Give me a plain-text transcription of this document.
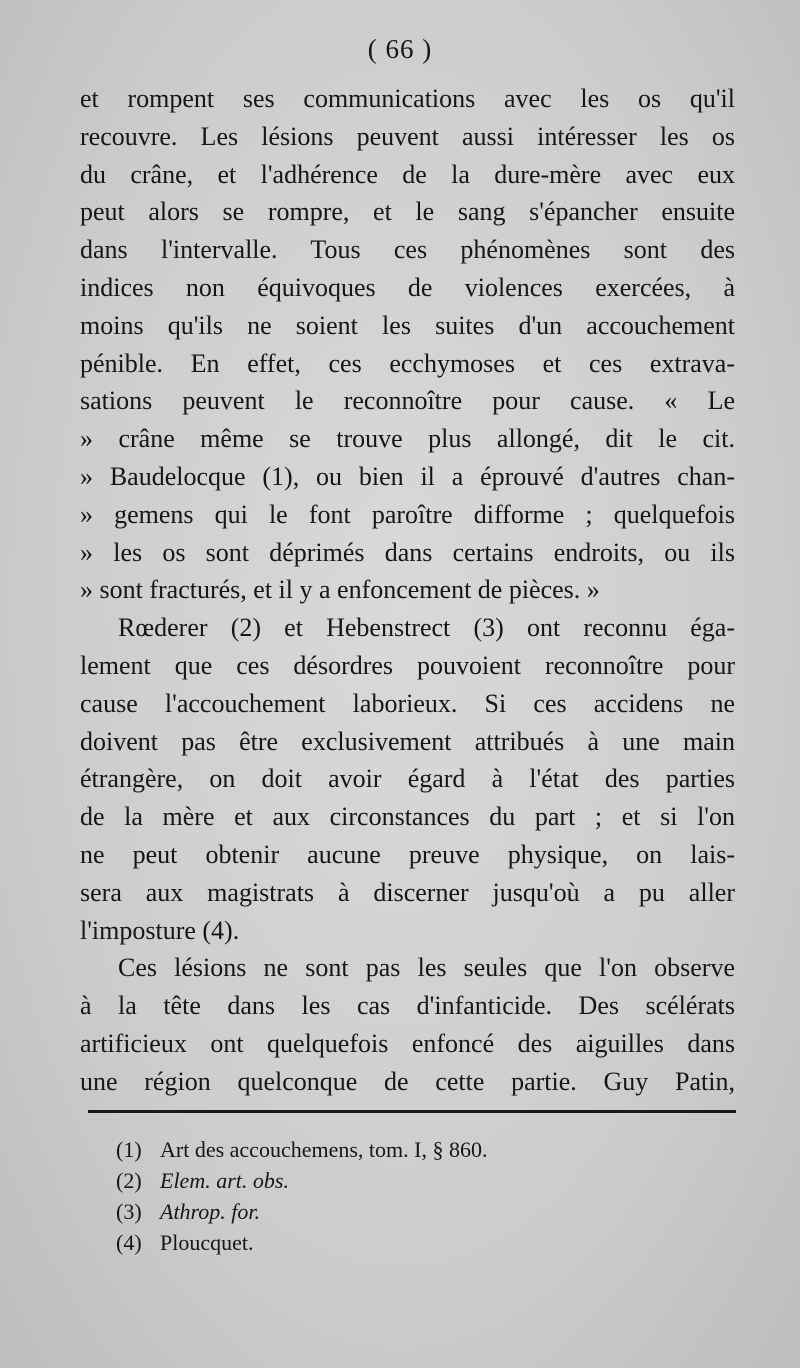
( 66 )
et rompent ses communications avec les os qu'il
recouvre. Les lésions peuvent aussi intéresser les os
du crâne, et l'adhérence de la dure-mère avec eux
peut alors se rompre, et le sang s'épancher ensuite
dans l'intervalle. Tous ces phénomènes sont des
indices non équivoques de violences exercées, à
moins qu'ils ne soient les suites d'un accouchement
pénible. En effet, ces ecchymoses et ces extrava-
sations peuvent le reconnoître pour cause. « Le
» crâne même se trouve plus allongé, dit le cit.
» Baudelocque (1), ou bien il a éprouvé d'autres chan-
» gemens qui le font paroître difforme ; quelquefois
» les os sont déprimés dans certains endroits, ou ils
» sont fracturés, et il y a enfoncement de pièces. »
Rœderer (2) et Hebenstrect (3) ont reconnu éga-
lement que ces désordres pouvoient reconnoître pour
cause l'accouchement laborieux. Si ces accidens ne
doivent pas être exclusivement attribués à une main
étrangère, on doit avoir égard à l'état des parties
de la mère et aux circonstances du part ; et si l'on
ne peut obtenir aucune preuve physique, on lais-
sera aux magistrats à discerner jusqu'où a pu aller
l'imposture (4).
Ces lésions ne sont pas les seules que l'on observe
à la tête dans les cas d'infanticide. Des scélérats
artificieux ont quelquefois enfoncé des aiguilles dans
une région quelconque de cette partie. Guy Patin,
(1) Art des accouchemens, tom. I, § 860.
(2) Elem. art. obs.
(3) Athrop. for.
(4) Ploucquet.
